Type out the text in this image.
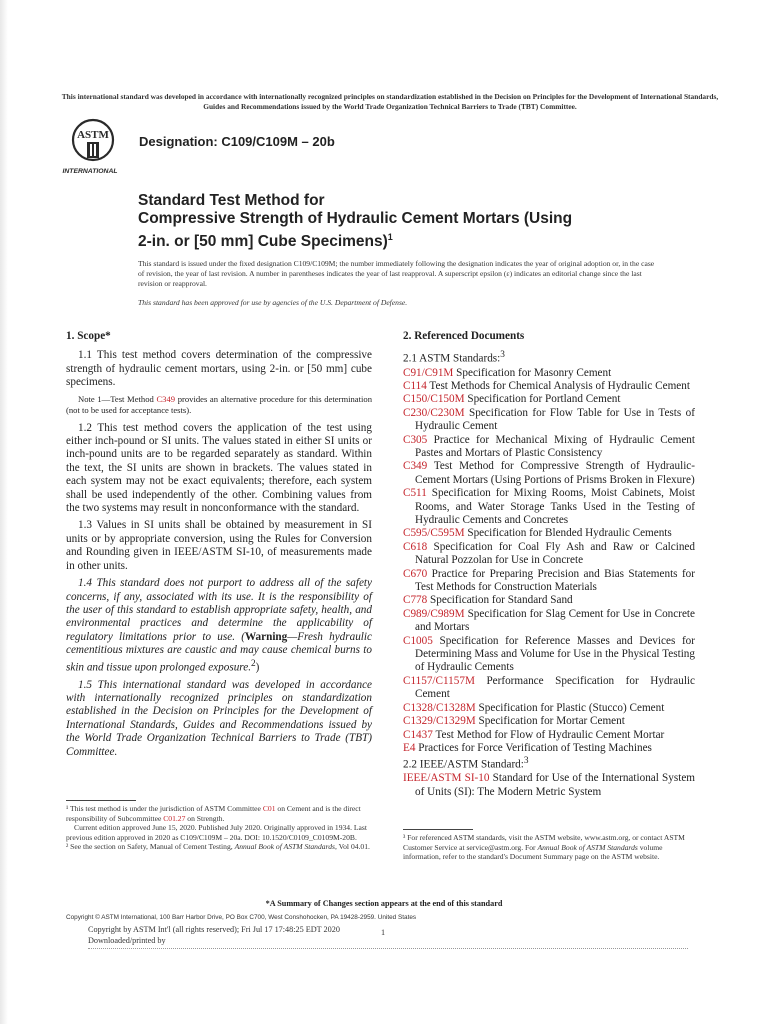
This international standard was developed in accordance with internationally recognized principles on standardization established in the Decision on Principles for the Development of International Standards, Guides and Recommendations issued by the World Trade Organization Technical Barriers to Trade (TBT) Committee.
ASTM
INTERNATIONAL
Designation: C109/C109M – 20b
Standard Test Method for
Compressive Strength of Hydraulic Cement Mortars (Using
2-in. or [50 mm] Cube Specimens)$^1$
This standard is issued under the fixed designation C109/C109M; the number immediately following the designation indicates the year of original adoption or, in the case of revision, the year of last revision. A number in parentheses indicates the year of last reapproval. A superscript epsilon (ε) indicates an editorial change since the last revision or reapproval.
This standard has been approved for use by agencies of the U.S. Department of Defense.
1. Scope*

1.1 This test method covers determination of the compressive strength of hydraulic cement mortars, using 2-in. or [50 mm] cube specimens.

Note 1—Test Method C349 provides an alternative procedure for this determination (not to be used for acceptance tests).

1.2 This test method covers the application of the test using either inch-pound or SI units. The values stated in either SI units or inch-pound units are to be regarded separately as standard. Within the text, the SI units are shown in brackets. The values stated in each system may not be exact equivalents; therefore, each system shall be used independently of the other. Combining values from the two systems may result in nonconformance with the standard.

1.3 Values in SI units shall be obtained by measurement in SI units or by appropriate conversion, using the Rules for Conversion and Rounding given in IEEE/ASTM SI-10, of measurements made in other units.

1.4 This standard does not purport to address all of the safety concerns, if any, associated with its use. It is the responsibility of the user of this standard to establish appropriate safety, health, and environmental practices and determine the applicability of regulatory limitations prior to use. (Warning—Fresh hydraulic cementitious mixtures are caustic and may cause chemical burns to skin and tissue upon prolonged exposure.$^2$)

1.5 This international standard was developed in accordance with internationally recognized principles on standardization established in the Decision on Principles for the Development of International Standards, Guides and Recommendations issued by the World Trade Organization Technical Barriers to Trade (TBT) Committee.

2. Referenced Documents

2.1 ASTM Standards:$^3$

C91/C91M Specification for Masonry Cement

C114 Test Methods for Chemical Analysis of Hydraulic Cement

C150/C150M Specification for Portland Cement

C230/C230M Specification for Flow Table for Use in Tests of Hydraulic Cement

C305 Practice for Mechanical Mixing of Hydraulic Cement Pastes and Mortars of Plastic Consistency

C349 Test Method for Compressive Strength of Hydraulic-Cement Mortars (Using Portions of Prisms Broken in Flexure)

C511 Specification for Mixing Rooms, Moist Cabinets, Moist Rooms, and Water Storage Tanks Used in the Testing of Hydraulic Cements and Concretes

C595/C595M Specification for Blended Hydraulic Cements

C618 Specification for Coal Fly Ash and Raw or Calcined Natural Pozzolan for Use in Concrete

C670 Practice for Preparing Precision and Bias Statements for Test Methods for Construction Materials

C778 Specification for Standard Sand

C989/C989M Specification for Slag Cement for Use in Concrete and Mortars

C1005 Specification for Reference Masses and Devices for Determining Mass and Volume for Use in the Physical Testing of Hydraulic Cements

C1157/C1157M Performance Specification for Hydraulic Cement

C1328/C1328M Specification for Plastic (Stucco) Cement

C1329/C1329M Specification for Mortar Cement

C1437 Test Method for Flow of Hydraulic Cement Mortar

E4 Practices for Force Verification of Testing Machines

2.2 IEEE/ASTM Standard:$^3$

IEEE/ASTM SI-10 Standard for Use of the International System of Units (SI): The Modern Metric System

¹ This test method is under the jurisdiction of ASTM Committee C01 on Cement and is the direct responsibility of Subcommittee C01.27 on Strength.
Current edition approved June 15, 2020. Published July 2020. Originally approved in 1934. Last previous edition approved in 2020 as C109/C109M – 20a. DOI: 10.1520/C0109_C0109M-20B.
² See the section on Safety, Manual of Cement Testing, Annual Book of ASTM Standards, Vol 04.01.
³ For referenced ASTM standards, visit the ASTM website, www.astm.org, or contact ASTM Customer Service at service@astm.org. For Annual Book of ASTM Standards volume information, refer to the standard's Document Summary page on the ASTM website.
*A Summary of Changes section appears at the end of this standard
Copyright © ASTM International, 100 Barr Harbor Drive, PO Box C700, West Conshohocken, PA 19428-2959. United States
Copyright by ASTM Int'l (all rights reserved); Fri Jul 17 17:48:25 EDT 2020
Downloaded/printed by
1
